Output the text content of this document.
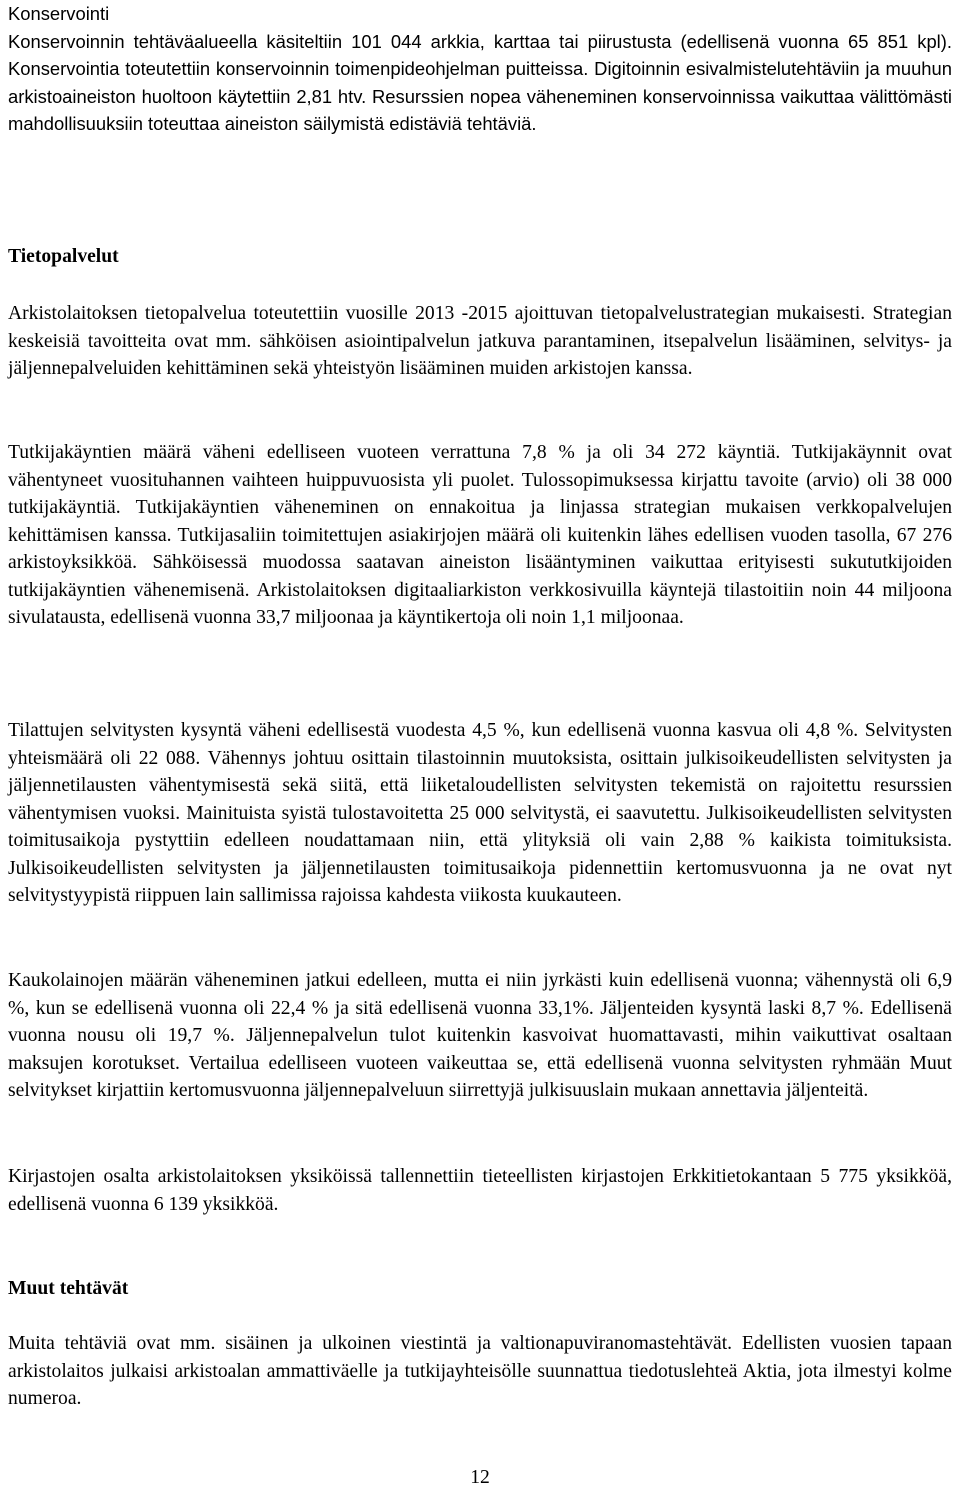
Konservointi

Konservoinnin tehtäväalueella käsiteltiin 101 044 arkkia, karttaa tai piirustusta (edellisenä vuonna 65 851 kpl). Konservointia toteutettiin konservoinnin toimenpideohjelman puitteissa. Digitoinnin esivalmistelutehtäviin ja muuhun arkistoaineiston huoltoon käytettiin 2,81 htv. Resurssien nopea väheneminen konservoinnissa vaikuttaa välittömästi mahdollisuuksiin toteuttaa aineiston säilymistä edistäviä tehtäviä.

Tietopalvelut

Arkistolaitoksen tietopalvelua toteutettiin vuosille 2013 -2015 ajoittuvan tietopalvelustrategian mukaisesti. Strategian keskeisiä tavoitteita ovat mm. sähköisen asiointipalvelun jatkuva parantaminen, itsepalvelun lisääminen, selvitys- ja jäljennepalveluiden kehittäminen sekä yhteistyön lisääminen muiden arkistojen kanssa.

Tutkijakäyntien määrä väheni edelliseen vuoteen verrattuna 7,8 % ja oli 34 272 käyntiä. Tutkijakäynnit ovat vähentyneet vuosituhannen vaihteen huippuvuosista yli puolet. Tulossopimuksessa kirjattu tavoite (arvio) oli 38 000 tutkijakäyntiä. Tutkijakäyntien väheneminen on ennakoitua ja linjassa strategian mukaisen verkkopalvelujen kehittämisen kanssa. Tutkijasaliin toimitettujen asiakirjojen määrä oli kuitenkin lähes edellisen vuoden tasolla, 67 276 arkistoyksikköä. Sähköisessä muodossa saatavan aineiston lisääntyminen vaikuttaa erityisesti sukututkijoiden tutkijakäyntien vähenemisenä. Arkistolaitoksen digitaaliarkiston verkkosivuilla käyntejä tilastoitiin noin 44 miljoona sivulatausta, edellisenä vuonna 33,7 miljoonaa ja käyntikertoja oli noin 1,1 miljoonaa.

Tilattujen selvitysten kysyntä väheni edellisestä vuodesta 4,5 %, kun edellisenä vuonna kasvua oli 4,8 %. Selvitysten yhteismäärä oli 22 088. Vähennys johtuu osittain tilastoinnin muutoksista, osittain julkisoikeudellisten selvitysten ja jäljennetilausten vähentymisestä sekä siitä, että liiketaloudellisten selvitysten tekemistä on rajoitettu resurssien vähentymisen vuoksi. Mainituista syistä tulostavoitetta 25 000 selvitystä, ei saavutettu. Julkisoikeudellisten selvitysten toimitusaikoja pystyttiin edelleen noudattamaan niin, että ylityksiä oli vain 2,88 % kaikista toimituksista. Julkisoikeudellisten selvitysten ja jäljennetilausten toimitusaikoja pidennettiin kertomusvuonna ja ne ovat nyt selvitystyypistä riippuen lain sallimissa rajoissa kahdesta viikosta kuukauteen.

Kaukolainojen määrän väheneminen jatkui edelleen, mutta ei niin jyrkästi kuin edellisenä vuonna; vähennystä oli 6,9 %, kun se edellisenä vuonna oli 22,4 % ja sitä edellisenä vuonna 33,1%. Jäljenteiden kysyntä laski 8,7 %. Edellisenä vuonna nousu oli 19,7 %. Jäljennepalvelun tulot kuitenkin kasvoivat huomattavasti, mihin vaikuttivat osaltaan maksujen korotukset. Vertailua edelliseen vuoteen vaikeuttaa se, että edellisenä vuonna selvitysten ryhmään Muut selvitykset kirjattiin kertomusvuonna jäljennepalveluun siirrettyjä julkisuuslain mukaan annettavia jäljenteitä.

Kirjastojen osalta arkistolaitoksen yksiköissä tallennettiin tieteellisten kirjastojen Erkkitietokantaan 5 775 yksikköä, edellisenä vuonna 6 139 yksikköä.

Muut tehtävät

Muita tehtäviä ovat mm. sisäinen ja ulkoinen viestintä ja valtionapuviranomastehtävät. Edellisten vuosien tapaan arkistolaitos julkaisi arkistoalan ammattiväelle ja tutkijayhteisölle suunnattua tiedotuslehteä Aktia, jota ilmestyi kolme numeroa.

12
